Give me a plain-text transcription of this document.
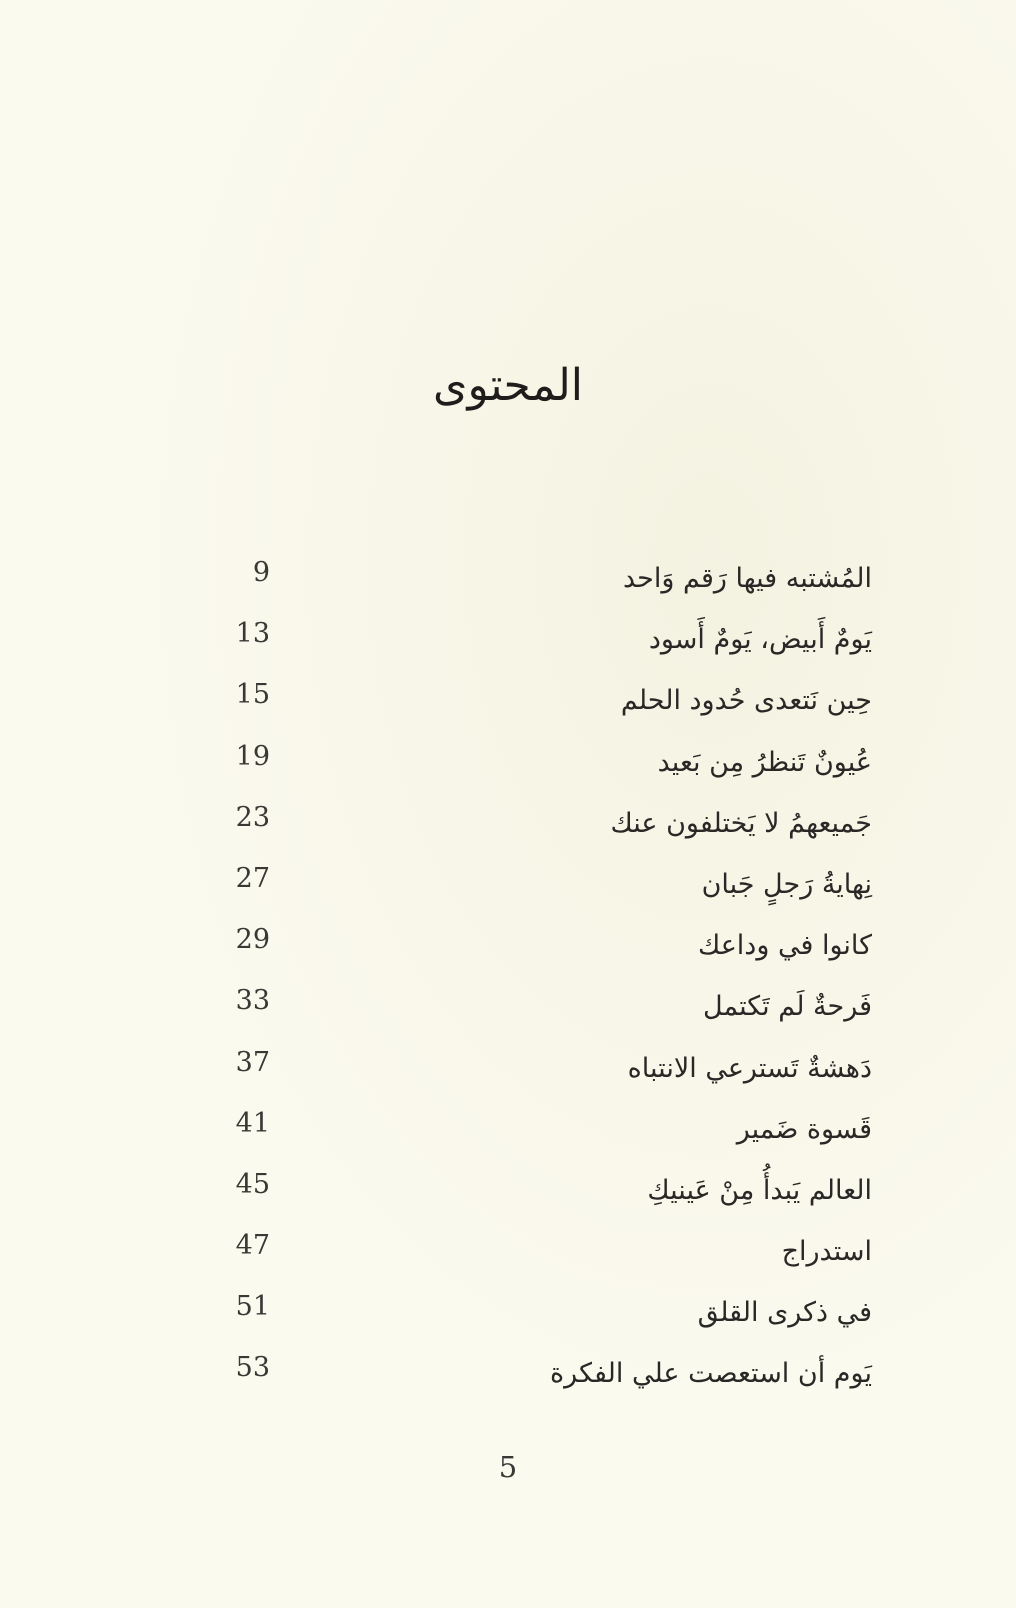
المحتوى
المُشتبه فيها رَقم وَاحد
9
يَومٌ أَبيض، يَومٌ أَسود
13
حِين نَتعدى حُدود الحلم
15
عُيونٌ تَنظرُ مِن بَعيد
19
جَميعهمُ لا يَختلفون عنك
23
نِهايةُ رَجلٍ جَبان
27
كانوا في وداعك
29
فَرحةٌ لَم تَكتمل
33
دَهشةٌ تَسترعي الانتباه
37
قَسوة ضَمير
41
العالم يَبدأُ مِنْ عَينيكِ
45
استدراج
47
في ذكرى القلق
51
يَوم أن استعصت علي الفكرة
53
5
